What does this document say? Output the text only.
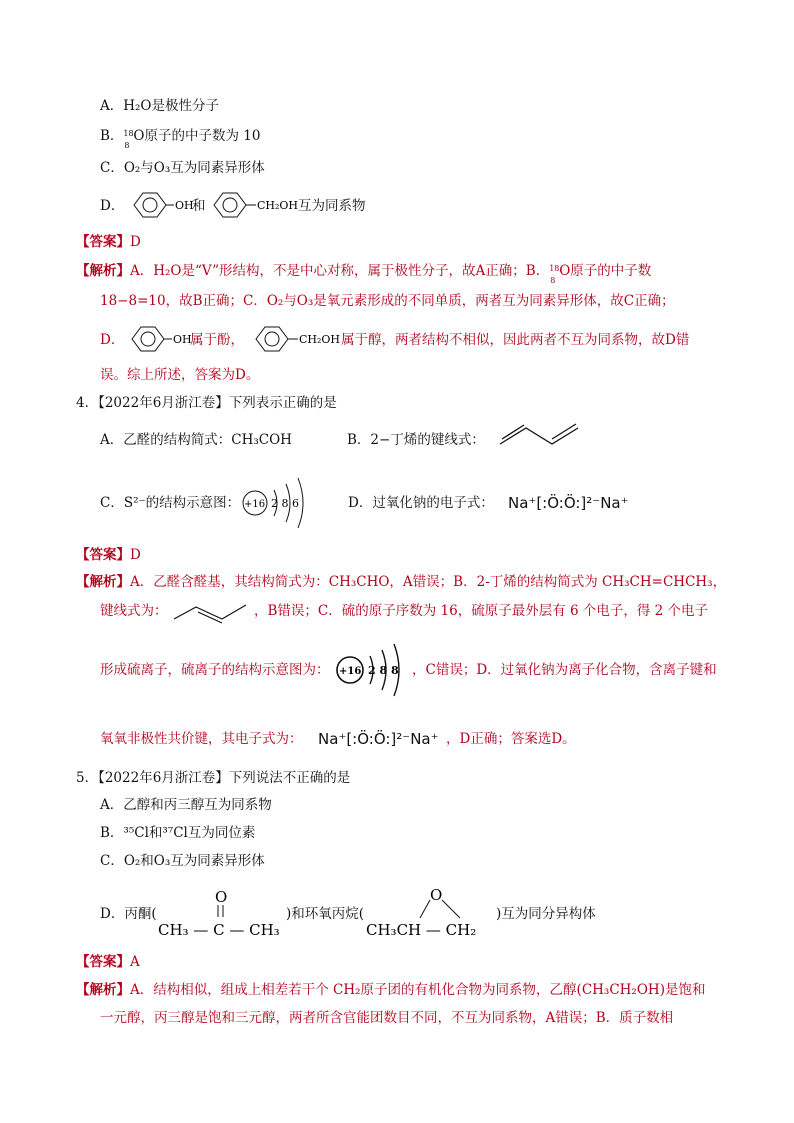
A．H₂O是极性分子
B． 18
8
O原子的中子数为 10
C．O₂与O₃互为同素异形体
D．	OH
和	CH₂OH 互为同系物
【答案】D
【解析】A．H₂O是“V”形结构，不是中心对称，属于极性分子，故A正确；B． 18
8
O原子的中子数
18−8=10，故B正确；C．O₂与O₃是氧元素形成的不同单质，两者互为同素异形体，故C正确；
D．	OH
属于酚，	CH₂OH 属于醇，两者结构不相似，因此两者不互为同系物，故D错
误。综上所述，答案为D。
4．【2022年6月浙江卷】下列表示正确的是
A．乙醛的结构简式：CH₃COH	B．2−丁烯的键线式：
C．S²⁻的结构示意图： +16 2 8 6	D．过氧化钠的电子式： Na⁺[:Ö:Ö:]²⁻Na⁺
【答案】D
【解析】A．乙醛含醛基，其结构简式为：CH₃CHO，A错误；B．2-丁烯的结构简式为 CH₃CH=CHCH₃，
键线式为：	，B错误；C．硫的原子序数为 16，硫原子最外层有 6 个电子，得 2 个电子
形成硫离子，硫离子的结构示意图为： +16 2 8 8 ，C错误；D．过氧化钠为离子化合物，含离子键和
氧氧非极性共价键，其电子式为： Na⁺[:Ö:Ö:]²⁻Na⁺ ，D正确；答案选D。
5．【2022年6月浙江卷】下列说法不正确的是
A．乙醇和丙三醇互为同系物
B．³⁵Cl和³⁷Cl互为同位素
C．O₂和O₃互为同素异形体
D．丙酮(
O
CH₃ — C — CH₃
)和环氧丙烷(
O
CH₃CH — CH₂
)互为同分异构体
【答案】A
【解析】A．结构相似，组成上相差若干个 CH₂原子团的有机化合物为同系物，乙醇(CH₃CH₂OH)是饱和
一元醇，丙三醇是饱和三元醇，两者所含官能团数目不同，不互为同系物，A错误；B．质子数相
